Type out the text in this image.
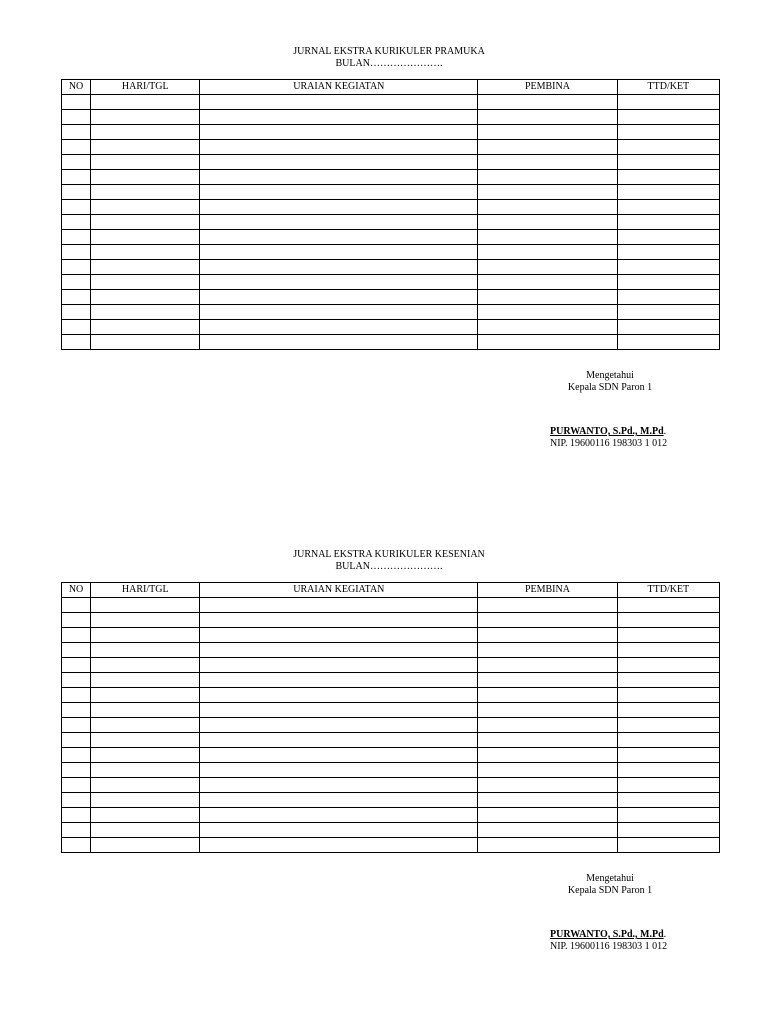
JURNAL EKSTRA KURIKULER PRAMUKA
BULAN………………….
NO	HARI/TGL	URAIAN KEGIATAN	PEMBINA	TTD/KET

Mengetahui
Kepala SDN Paron 1
PURWANTO, S.Pd., M.Pd.
NIP. 19600116 198303 1 012
JURNAL EKSTRA KURIKULER KESENIAN
BULAN………………….
NO	HARI/TGL	URAIAN KEGIATAN	PEMBINA	TTD/KET

Mengetahui
Kepala SDN Paron 1
PURWANTO, S.Pd., M.Pd.
NIP. 19600116 198303 1 012
